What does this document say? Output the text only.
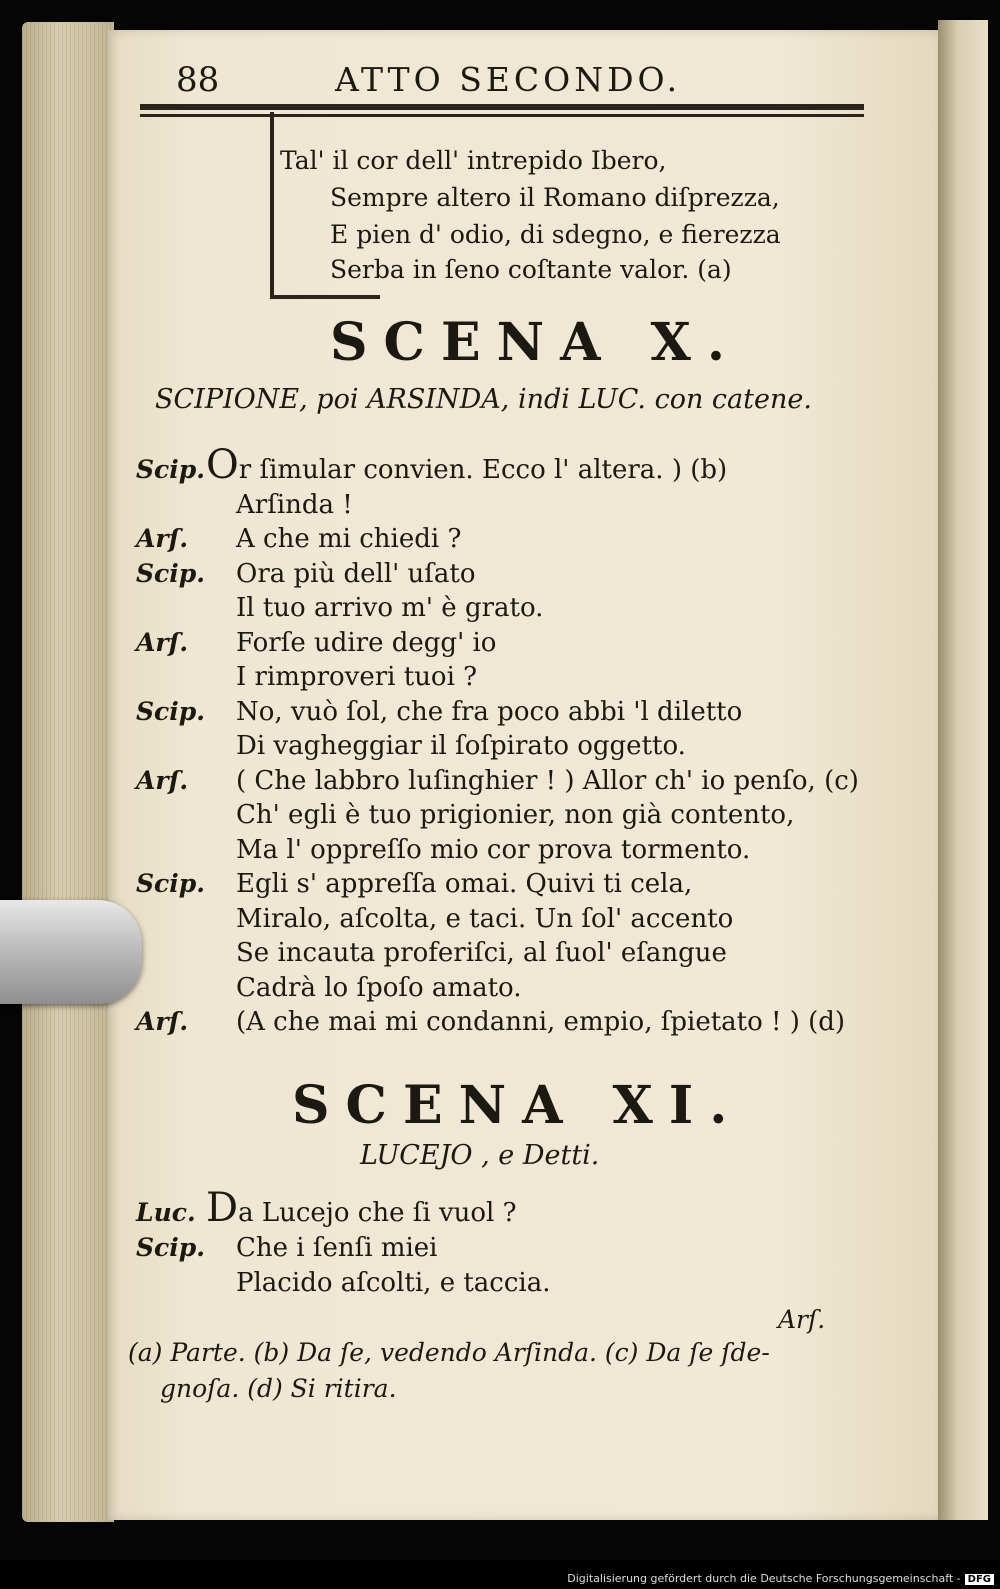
88	ATTO SECONDO.
Tal' il cor dell' intrepido Ibero,
Sempre altero il Romano diſprezza,
E pien d' odio, di sdegno, e fierezza
Serba in ſeno coſtante valor. (a)
SCENA X.
SCIPIONE, poi ARSINDA, indi LUC. con catene.
Scip. Or ſimular convien. Ecco l' altera. ) (b)
Arſinda !
Arſ. A che mi chiedi ?
Scip. Ora più dell' uſato
Il tuo arrivo m' è grato.
Arſ. Forſe udire degg' io
I rimproveri tuoi ?
Scip. No, vuò ſol, che fra poco abbi 'l diletto
Di vagheggiar il ſoſpirato oggetto.
Arſ. ( Che labbro luſinghier ! ) Allor ch' io penſo, (c)
Ch' egli è tuo prigionier, non già contento,
Ma l' oppreſſo mio cor prova tormento.
Scip. Egli s' appreſſa omai. Quivi ti cela,
Miralo, aſcolta, e taci. Un ſol' accento
Se incauta proferiſci, al ſuol' eſangue
Cadrà lo ſpoſo amato.
Arſ. (A che mai mi condanni, empio, ſpietato ! ) (d)
SCENA XI.
LUCEJO , e Detti.
Luc. Da Lucejo che ſi vuol ?
Scip. Che i ſenſi miei
Placido aſcolti, e taccia.
Arſ.
(a) Parte. (b) Da ſe, vedendo Arſinda. (c) Da ſe ſde-
gnoſa. (d) Si ritira.
Digitalisierung gefördert durch die Deutsche Forschungsgemeinschaft - DFG
